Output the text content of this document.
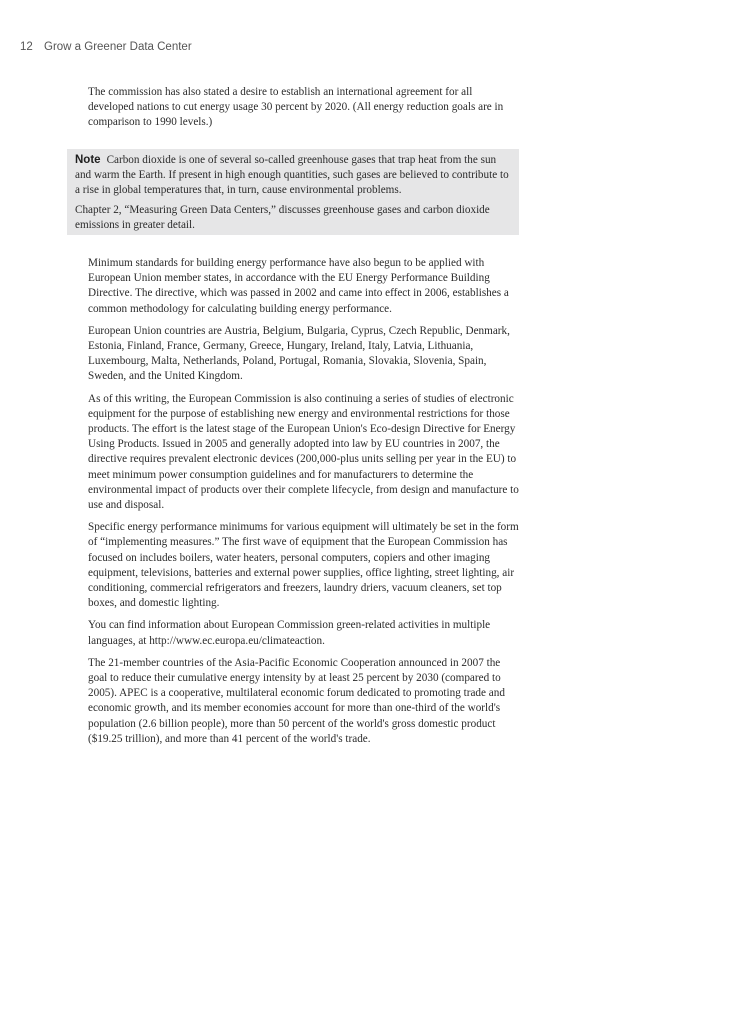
12 Grow a Greener Data Center

The commission has also stated a desire to establish an international agreement for all developed nations to cut energy usage 30 percent by 2020. (All energy reduction goals are in comparison to 1990 levels.)

Note Carbon dioxide is one of several so-called greenhouse gases that trap heat from the sun and warm the Earth. If present in high enough quantities, such gases are believed to contribute to a rise in global temperatures that, in turn, cause environmental problems.

Chapter 2, “Measuring Green Data Centers,” discusses greenhouse gases and carbon dioxide emissions in greater detail.

Minimum standards for building energy performance have also begun to be applied with European Union member states, in accordance with the EU Energy Performance Building Directive. The directive, which was passed in 2002 and came into effect in 2006, establishes a common methodology for calculating building energy performance.

European Union countries are Austria, Belgium, Bulgaria, Cyprus, Czech Republic, Denmark, Estonia, Finland, France, Germany, Greece, Hungary, Ireland, Italy, Latvia, Lithuania, Luxembourg, Malta, Netherlands, Poland, Portugal, Romania, Slovakia, Slovenia, Spain, Sweden, and the United Kingdom.

As of this writing, the European Commission is also continuing a series of studies of electronic equipment for the purpose of establishing new energy and environmental restrictions for those products. The effort is the latest stage of the European Union's Eco-design Directive for Energy Using Products. Issued in 2005 and generally adopted into law by EU countries in 2007, the directive requires prevalent electronic devices (200,000-plus units selling per year in the EU) to meet minimum power consumption guidelines and for manufacturers to determine the environmental impact of products over their complete lifecycle, from design and manufacture to use and disposal.

Specific energy performance minimums for various equipment will ultimately be set in the form of “implementing measures.” The first wave of equipment that the European Commission has focused on includes boilers, water heaters, personal computers, copiers and other imaging equipment, televisions, batteries and external power supplies, office lighting, street lighting, air conditioning, commercial refrigerators and freezers, laundry driers, vacuum cleaners, set top boxes, and domestic lighting.

You can find information about European Commission green-related activities in multiple languages, at http://www.ec.europa.eu/climateaction.

The 21-member countries of the Asia-Pacific Economic Cooperation announced in 2007 the goal to reduce their cumulative energy intensity by at least 25 percent by 2030 (compared to 2005). APEC is a cooperative, multilateral economic forum dedicated to promoting trade and economic growth, and its member economies account for more than one-third of the world's population (2.6 billion people), more than 50 percent of the world's gross domestic product ($19.25 trillion), and more than 41 percent of the world's trade.
